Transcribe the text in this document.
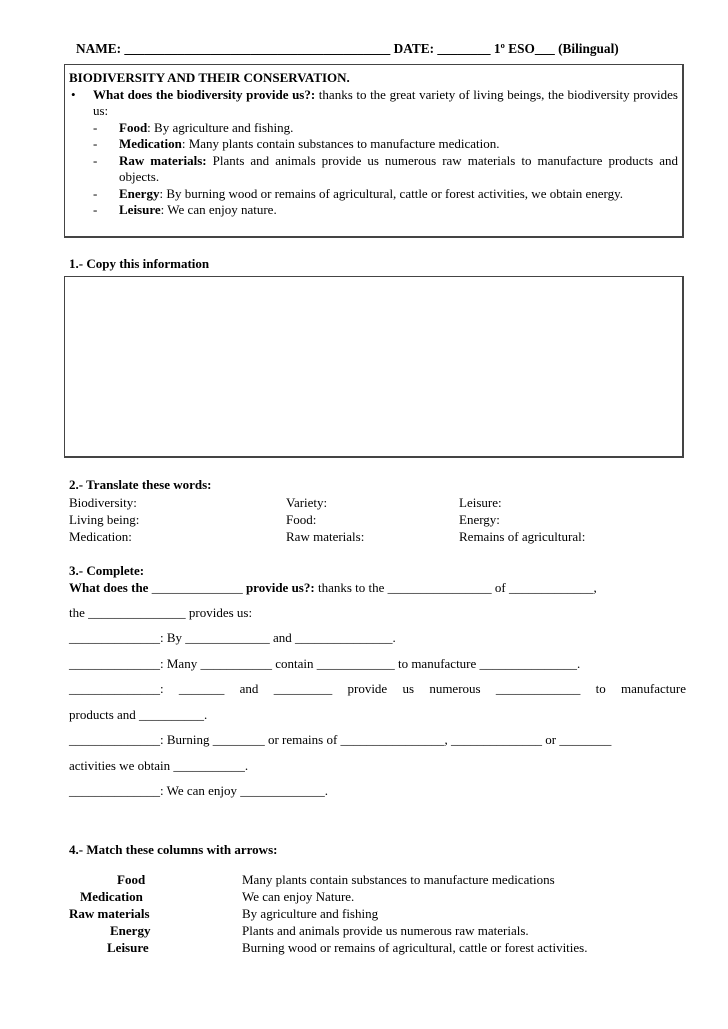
NAME: ________________________________________ DATE: ________ 1º ESO___ (Bilingual)
BIODIVERSITY AND THEIR CONSERVATION.
•	What does the biodiversity provide us?: thanks to the great variety of living beings, the biodiversity provides us:
-	Food: By agriculture and fishing.
-	Medication: Many plants contain substances to manufacture medication.
-	Raw materials: Plants and animals provide us numerous raw materials to manufacture products and objects.
-	Energy: By burning wood or remains of agricultural, cattle or forest activities, we obtain energy.
-	Leisure: We can enjoy nature.
1.- Copy this information
2.- Translate these words:
Biodiversity:	Variety:	Leisure:
Living being:	Food:	Energy:
Medication:	Raw materials:	Remains of agricultural:
3.- Complete:
What does the ______________ provide us?: thanks to the ________________ of _____________,
the _______________ provides us:
______________: By _____________ and _______________.
______________: Many ___________ contain ____________ to manufacture _______________.
______________: _______ and _________ provide us numerous _____________ to manufacture
products and __________.
______________: Burning ________ or remains of ________________, ______________ or ________
activities we obtain ___________.
______________: We can enjoy _____________.
4.- Match these columns with arrows:
Food	Many plants contain substances to manufacture medications
Medication	We can enjoy Nature.
Raw materials	By agriculture and fishing
Energy	Plants and animals provide us numerous raw materials.
Leisure	Burning wood or remains of agricultural, cattle or forest activities.
